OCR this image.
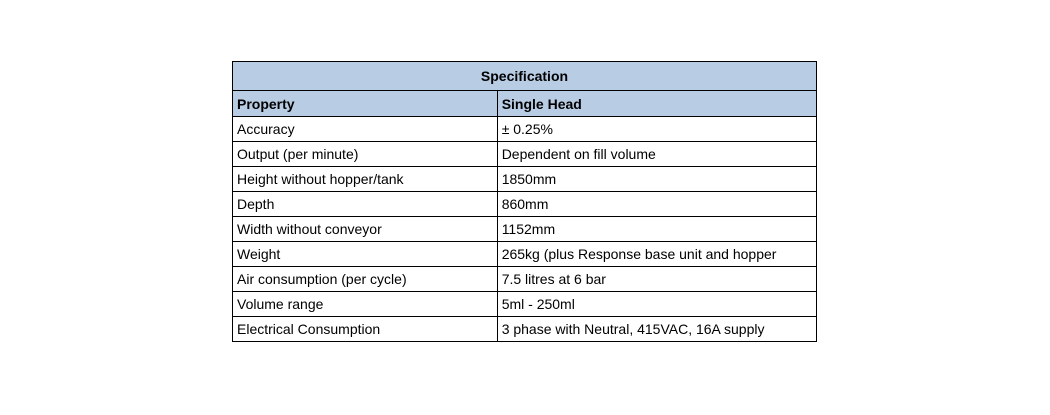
Specification	
Property	Single Head
Accuracy	± 0.25%
Output (per minute)	Dependent on fill volume
Height without hopper/tank	1850mm
Depth	860mm
Width without conveyor	1152mm
Weight	265kg (plus Response base unit and hopper
Air consumption (per cycle)	7.5 litres at 6 bar
Volume range	5ml - 250ml
Electrical Consumption	3 phase with Neutral, 415VAC, 16A supply
